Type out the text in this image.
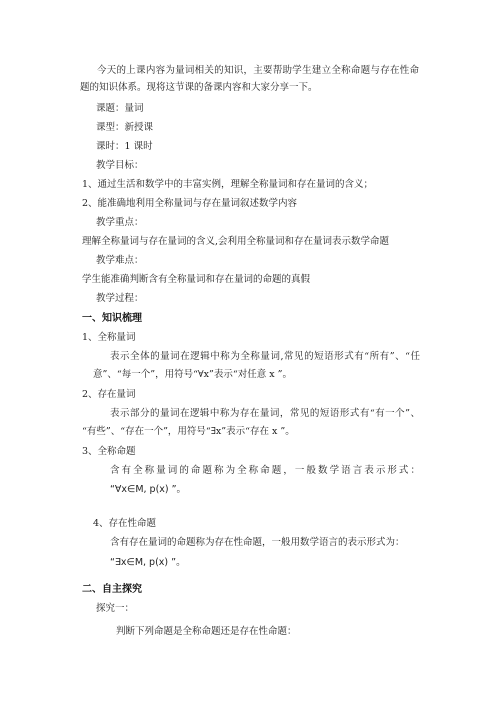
今天的上课内容为量词相关的知识，主要帮助学生建立全称命题与存在性命
题的知识体系。现将这节课的备课内容和大家分享一下。
课题：量词
课型：新授课
课时：1 课时
教学目标：
1、通过生活和数学中的丰富实例，理解全称量词和存在量词的含义；
2、能准确地利用全称量词与存在量词叙述数学内容
教学重点：
理解全称量词与存在量词的含义,会利用全称量词和存在量词表示数学命题
教学难点：
学生能准确判断含有全称量词和存在量词的命题的真假
教学过程：
一、知识梳理
1、全称量词
表示全体的量词在逻辑中称为全称量词,常见的短语形式有“所有”、“任
意”、“每一个”，用符号“∀x”表示“对任意 x ”。
2、存在量词
表示部分的量词在逻辑中称为存在量词，常见的短语形式有“有一个”、
“有些”、“存在一个”，用符号“∃x”表示“存在 x ”。
3、全称命题
含有全称量词的命题称为全称命题，一般数学语言表示形式：
“∀x∈M, p(x) ”。
4、存在性命题
含有存在量词的命题称为存在性命题，一般用数学语言的表示形式为：
“∃x∈M, p(x) ”。
二、自主探究
探究一：
判断下列命题是全称命题还是存在性命题：
